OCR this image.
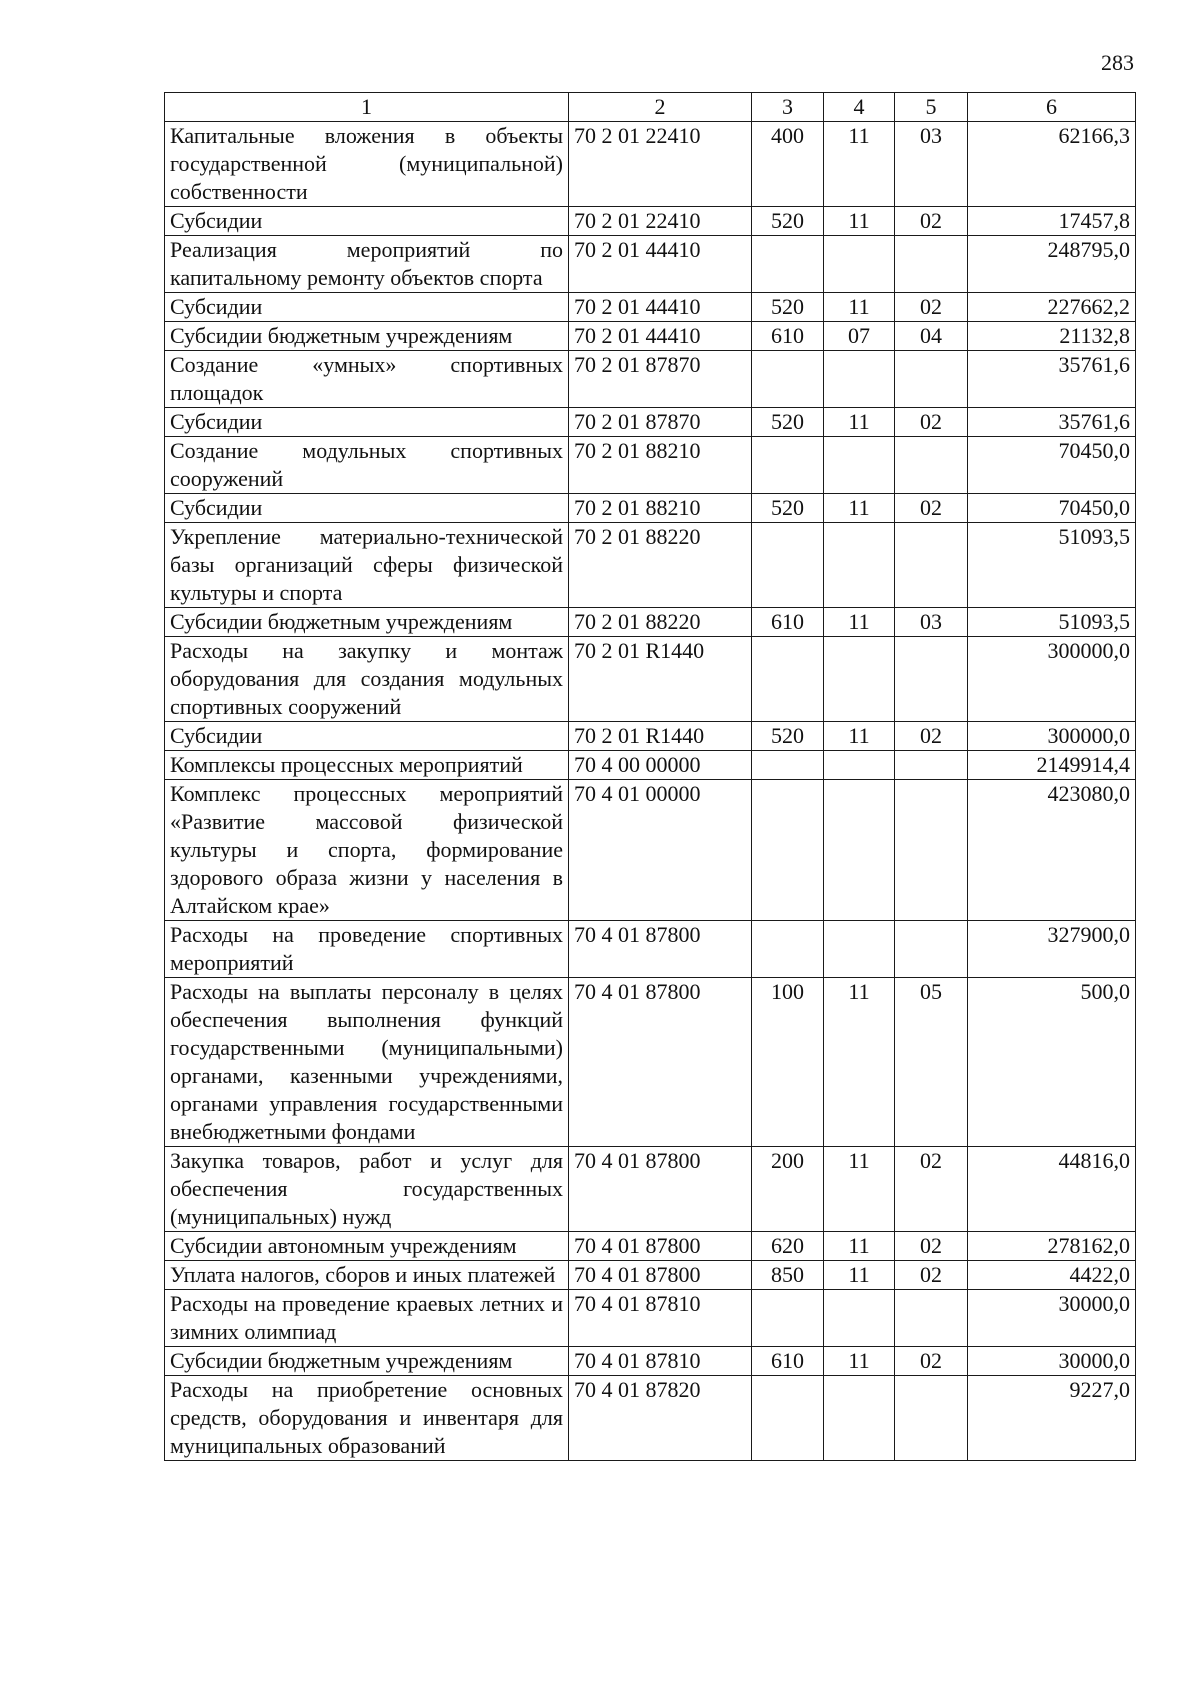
283
1	2	3	4	5	6
Капитальные вложения в объекты государственной (муниципальной) собственности	70 2 01 22410	400	11	03	62166,3
Субсидии	70 2 01 22410	520	11	02	17457,8
Реализация мероприятий по капитальному ремонту объектов спорта	70 2 01 44410				248795,0
Субсидии	70 2 01 44410	520	11	02	227662,2
Субсидии бюджетным учреждениям	70 2 01 44410	610	07	04	21132,8
Создание «умных» спортивных площадок	70 2 01 87870				35761,6
Субсидии	70 2 01 87870	520	11	02	35761,6
Создание модульных спортивных сооружений	70 2 01 88210				70450,0
Субсидии	70 2 01 88210	520	11	02	70450,0
Укрепление материально-технической базы организаций сферы физической культуры и спорта	70 2 01 88220				51093,5
Субсидии бюджетным учреждениям	70 2 01 88220	610	11	03	51093,5
Расходы на закупку и монтаж оборудования для создания модульных спортивных сооружений	70 2 01 R1440				300000,0
Субсидии	70 2 01 R1440	520	11	02	300000,0
Комплексы процессных мероприятий	70 4 00 00000				2149914,4
Комплекс процессных мероприятий «Развитие массовой физической культуры и спорта, формирование здорового образа жизни у населения в Алтайском крае»	70 4 01 00000				423080,0
Расходы на проведение спортивных мероприятий	70 4 01 87800				327900,0
Расходы на выплаты персоналу в целях обеспечения выполнения функций государственными (муниципальными) органами, казенными учреждениями, органами управления государственными внебюджетными фондами	70 4 01 87800	100	11	05	500,0
Закупка товаров, работ и услуг для обеспечения государственных (муниципальных) нужд	70 4 01 87800	200	11	02	44816,0
Субсидии автономным учреждениям	70 4 01 87800	620	11	02	278162,0
Уплата налогов, сборов и иных платежей	70 4 01 87800	850	11	02	4422,0
Расходы на проведение краевых летних и зимних олимпиад	70 4 01 87810				30000,0
Субсидии бюджетным учреждениям	70 4 01 87810	610	11	02	30000,0
Расходы на приобретение основных средств, оборудования и инвентаря для муниципальных образований	70 4 01 87820				9227,0
